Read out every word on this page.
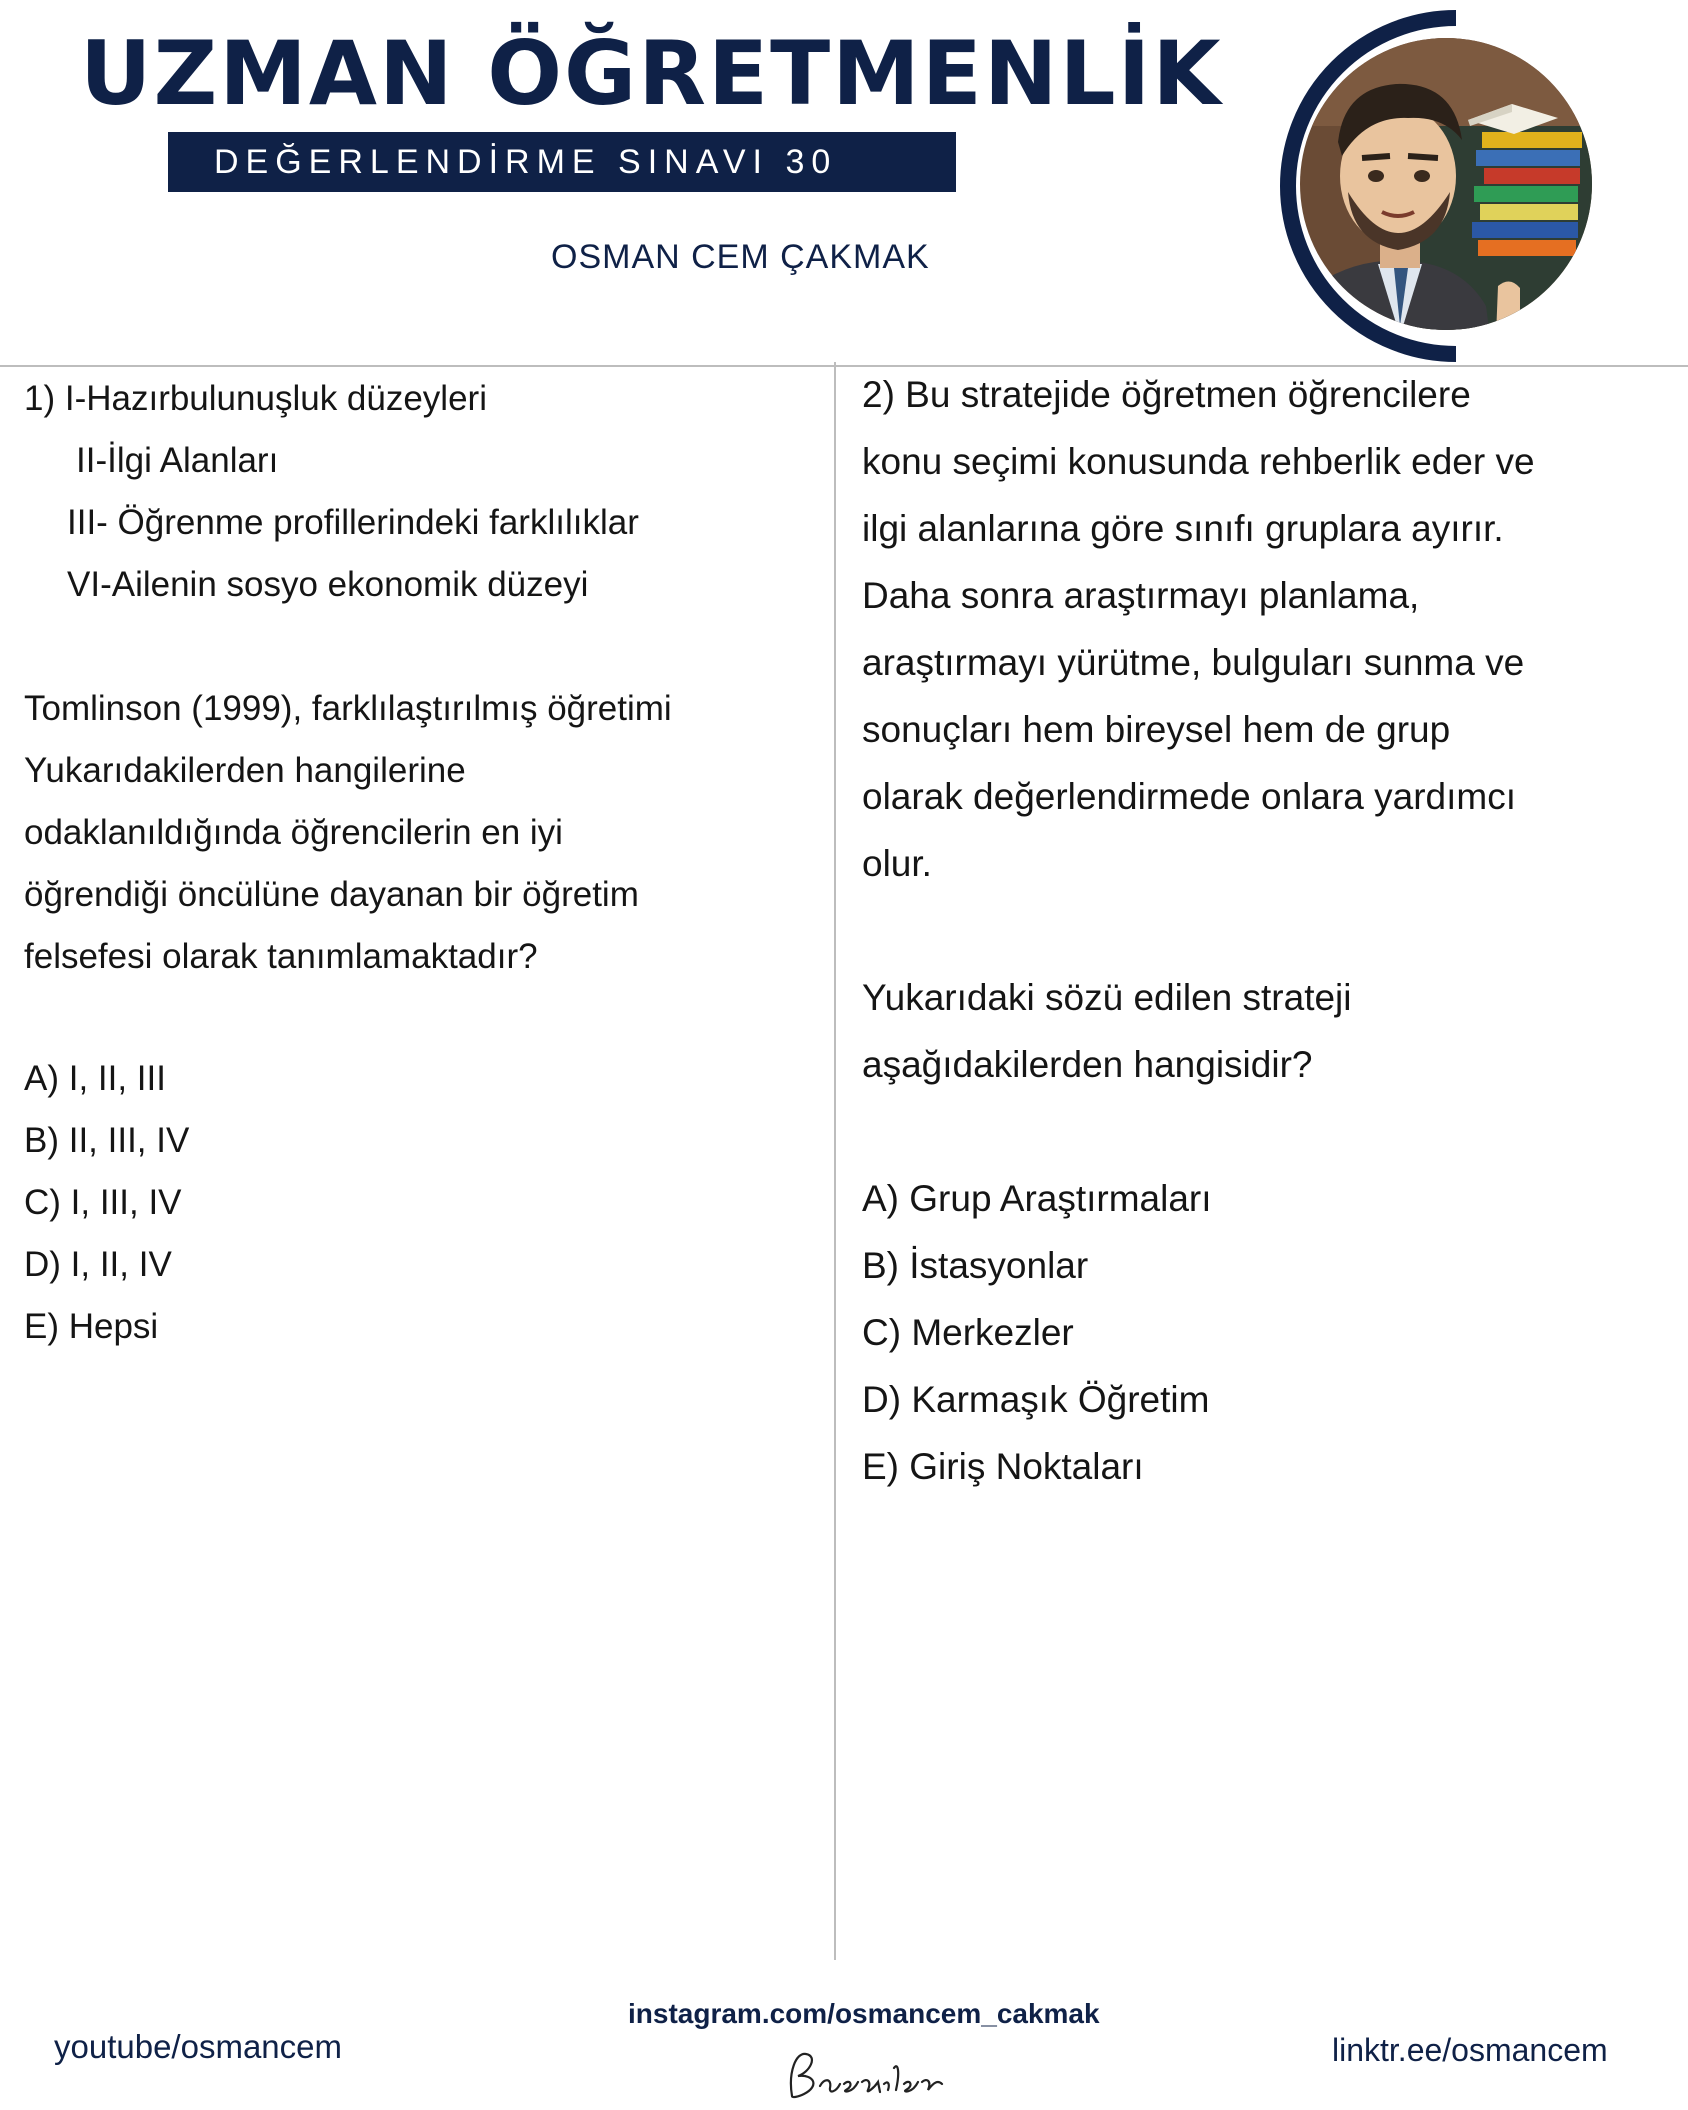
UZMAN ÖĞRETMENLİK
DEĞERLENDİRME SINAVI 30
OSMAN CEM ÇAKMAK
1) I-Hazırbulunuşluk düzeyleri
II-İlgi Alanları
III- Öğrenme profillerindeki farklılıklar
VI-Ailenin sosyo ekonomik düzeyi
Tomlinson (1999), farklılaştırılmış öğretimi
Yukarıdakilerden hangilerine
odaklanıldığında öğrencilerin en iyi
öğrendiği öncülüne dayanan bir öğretim
felsefesi olarak tanımlamaktadır?
A) I, II, III
B) II, III, IV
C) I, III, IV
D) I, II, IV
E) Hepsi
2) Bu stratejide öğretmen öğrencilere
konu seçimi konusunda rehberlik eder ve
ilgi alanlarına göre sınıfı gruplara ayırır.
Daha sonra araştırmayı planlama,
araştırmayı yürütme, bulguları sunma ve
sonuçları hem bireysel hem de grup
olarak değerlendirmede onlara yardımcı
olur.
Yukarıdaki sözü edilen strateji
aşağıdakilerden hangisidir?
A) Grup Araştırmaları
B) İstasyonlar
C) Merkezler
D) Karmaşık Öğretim
E) Giriş Noktaları
youtube/osmancem
instagram.com/osmancem_cakmak
linktr.ee/osmancem
